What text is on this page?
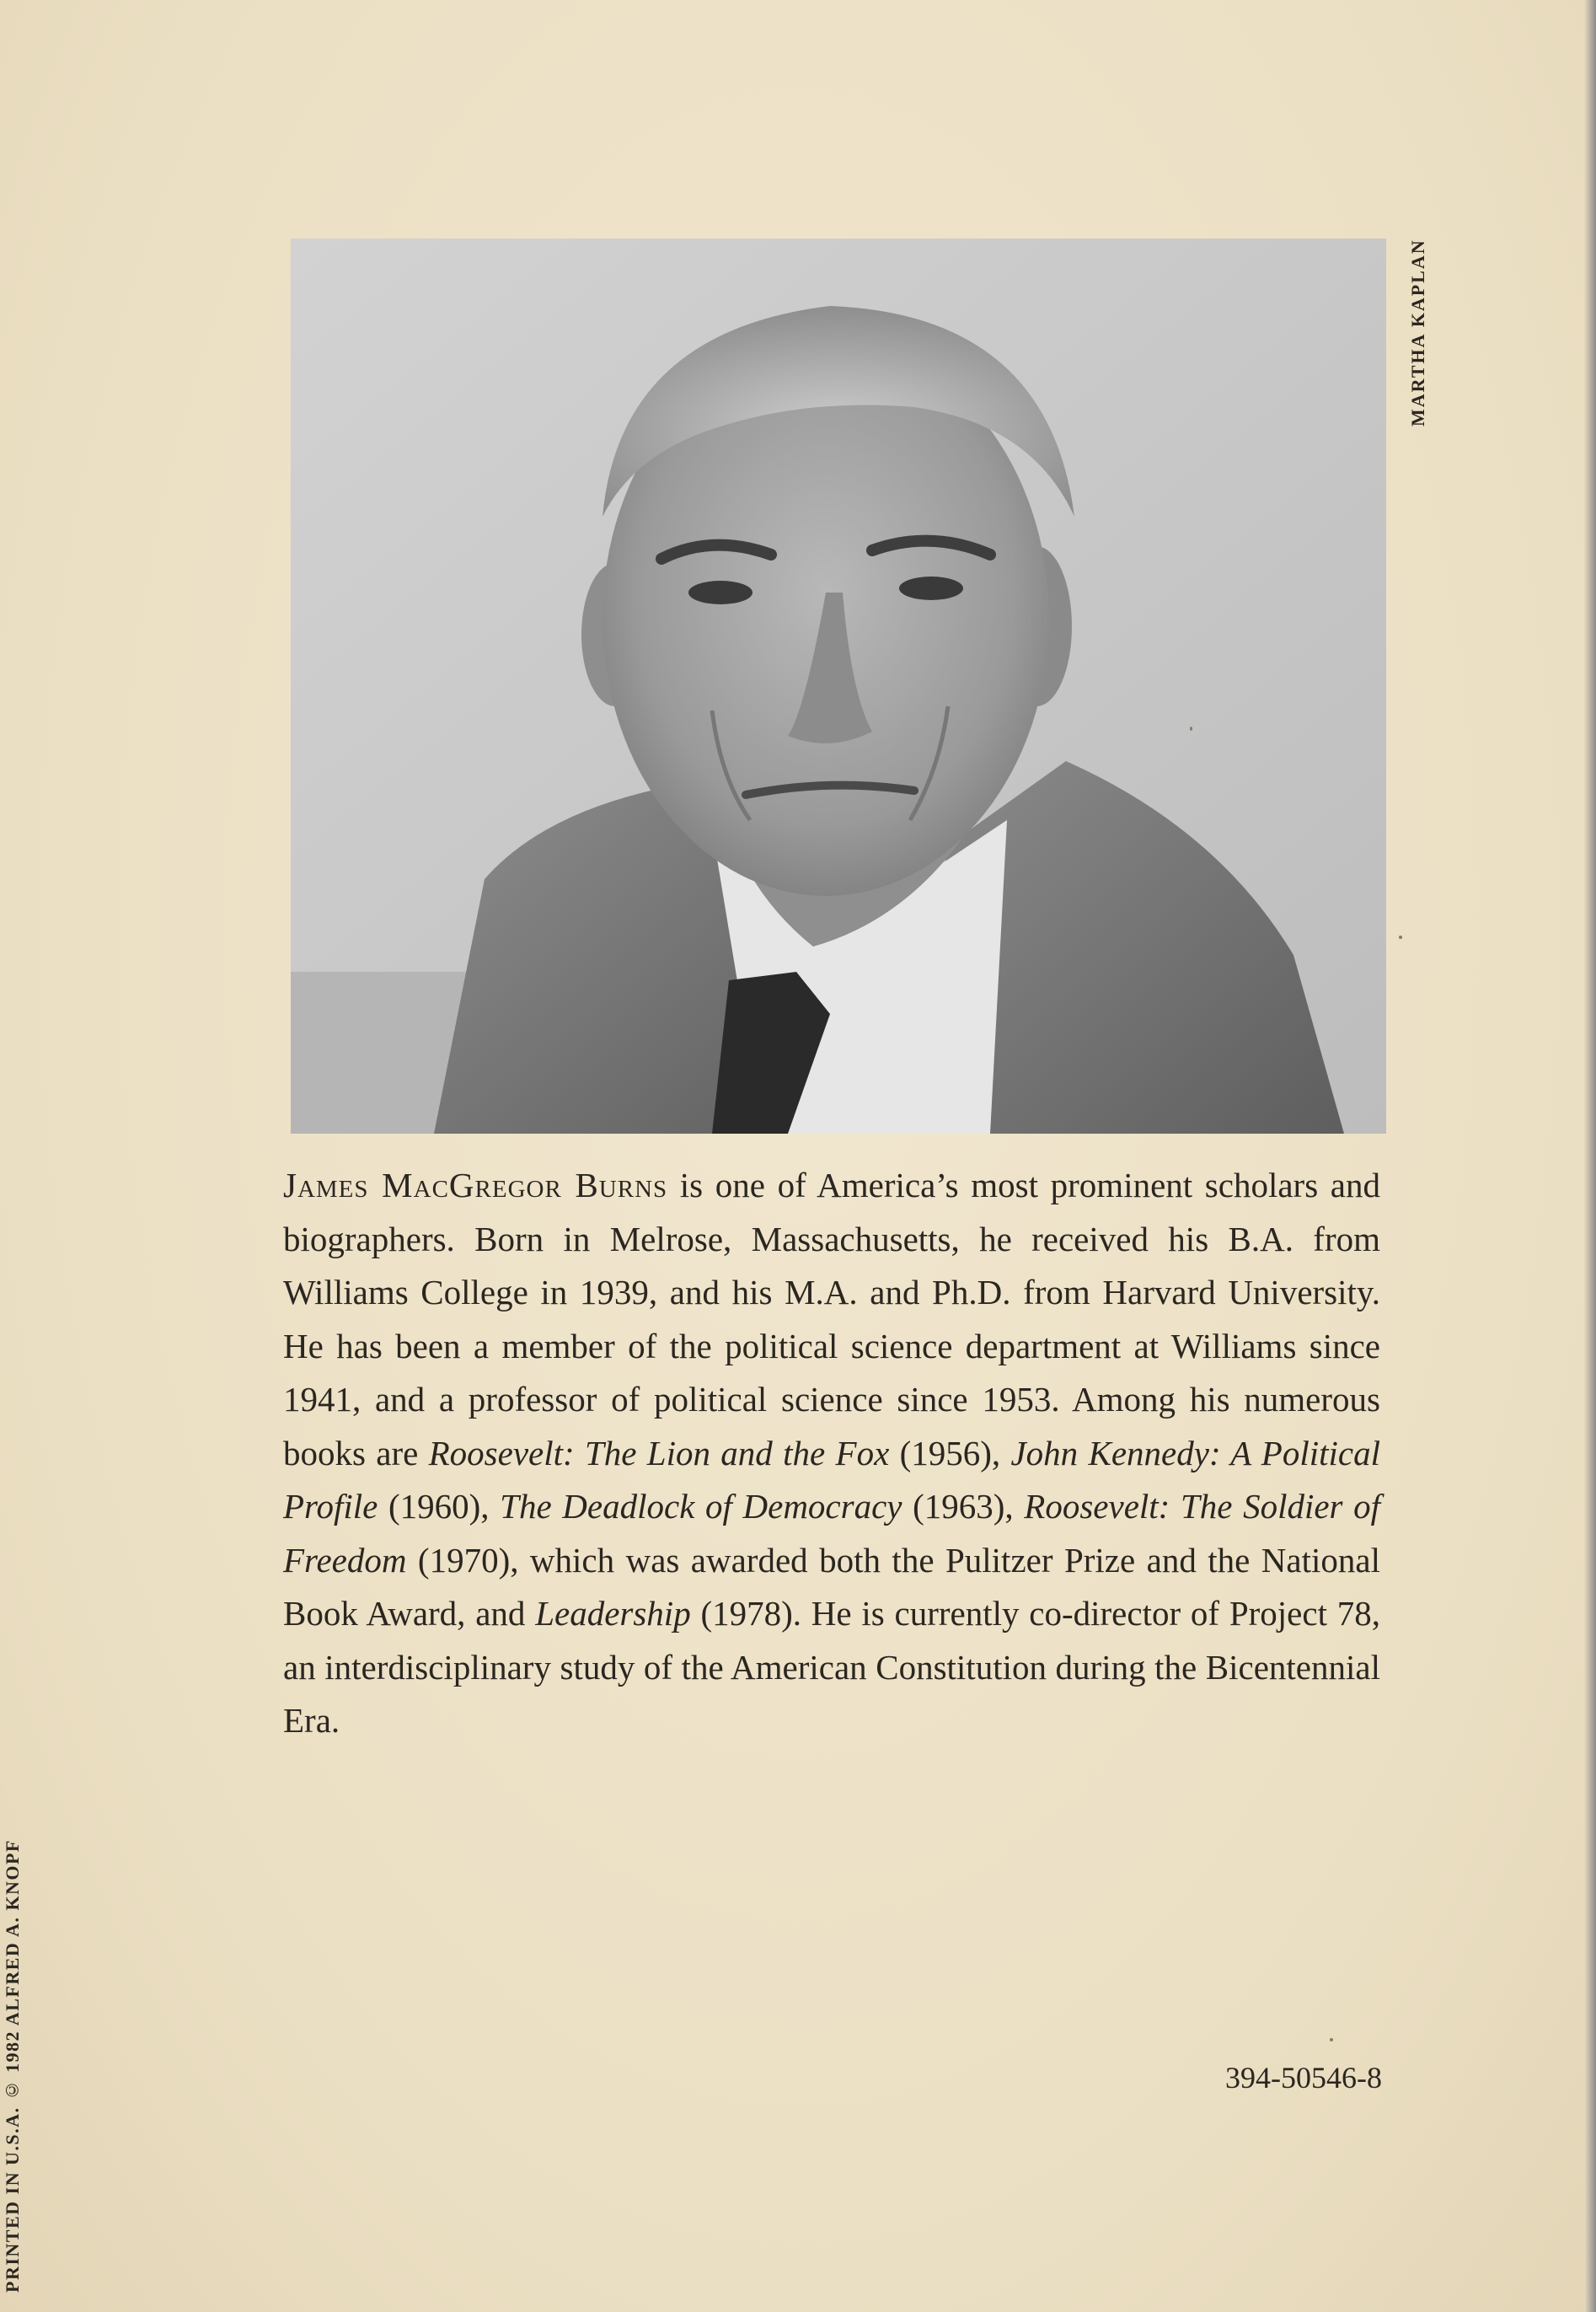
MARTHA KAPLAN
James MacGregor Burns is one of America’s most prominent scholars and biographers. Born in Melrose, Massachusetts, he received his B.A. from Williams College in 1939, and his M.A. and Ph.D. from Harvard University. He has been a member of the political science department at Williams since 1941, and a professor of political science since 1953. Among his numerous books are Roosevelt: The Lion and the Fox (1956), John Kennedy: A Political Profile (1960), The Deadlock of Democracy (1963), Roosevelt: The Soldier of Freedom (1970), which was awarded both the Pulitzer Prize and the National Book Award, and Leadership (1978). He is currently co-director of Project 78, an interdisciplinary study of the American Constitution during the Bicentennial Era.
394-50546-8
PRINTED IN U.S.A. © 1982 ALFRED A. KNOPF
